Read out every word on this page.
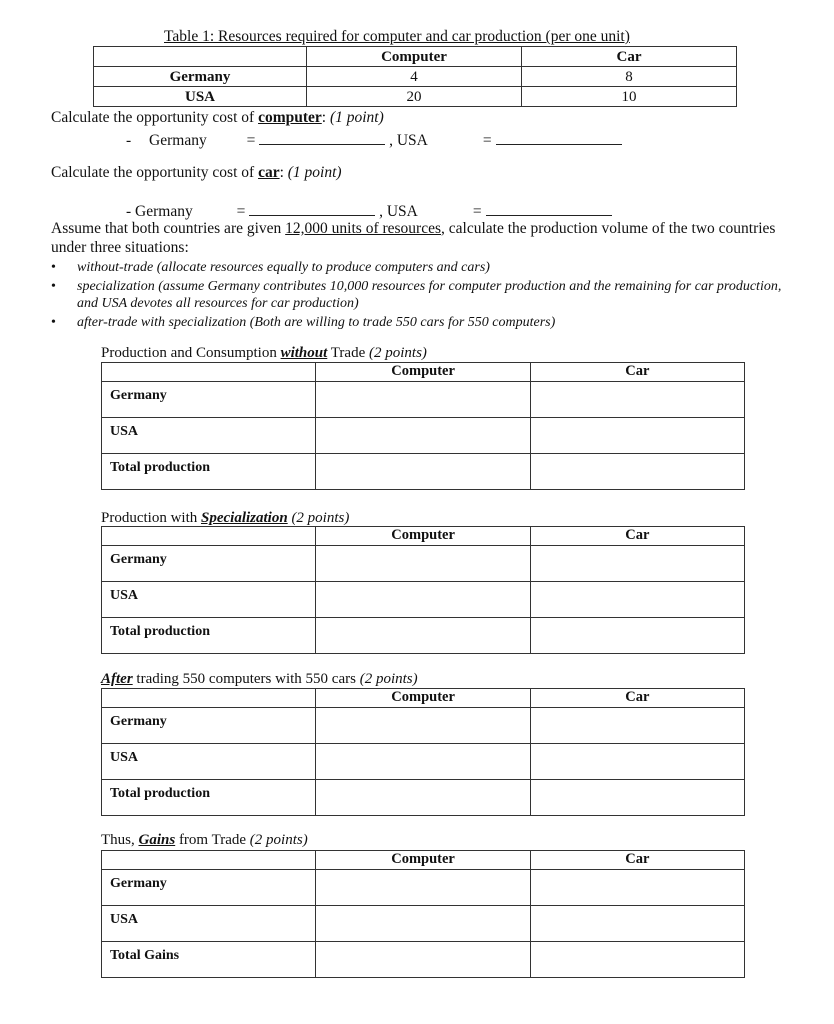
Table 1: Resources required for computer and car production (per one unit)
	Computer	Car
Germany	4	8
USA	20	10
Calculate the opportunity cost of computer: (1 point)
- Germany	=	, USA	=
Calculate the opportunity cost of car: (1 point)
- Germany	=	, USA	=
Assume that both countries are given 12,000 units of resources, calculate the production volume of the two countries under three situations:
• without-trade (allocate resources equally to produce computers and cars)
• specialization (assume Germany contributes 10,000 resources for computer production and the remaining for car production, and USA devotes all resources for car production)
• after-trade with specialization (Both are willing to trade 550 cars for 550 computers)
Production and Consumption without Trade (2 points)
	Computer	Car
Germany		
USA		
Total production		
Production with Specialization (2 points)
	Computer	Car
Germany		
USA		
Total production		
After trading 550 computers with 550 cars (2 points)
	Computer	Car
Germany		
USA		
Total production		
Thus, Gains from Trade (2 points)
	Computer	Car
Germany		
USA		
Total Gains		
